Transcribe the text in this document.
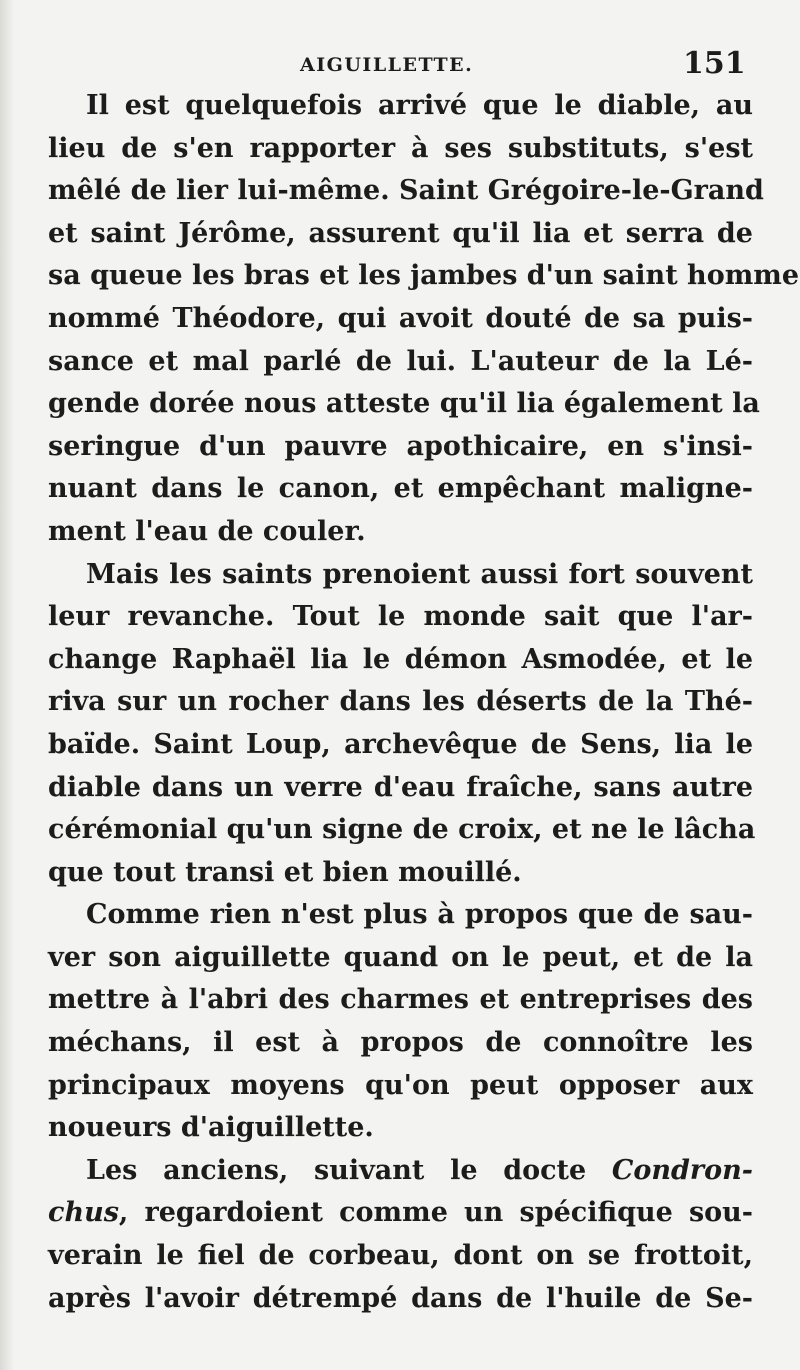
AIGUILLETTE.	151
Il est quelquefois arrivé que le diable, au
lieu de s'en rapporter à ses substituts, s'est
mêlé de lier lui-même. Saint Grégoire-le-Grand
et saint Jérôme, assurent qu'il lia et serra de
sa queue les bras et les jambes d'un saint homme
nommé Théodore, qui avoit douté de sa puis-
sance et mal parlé de lui. L'auteur de la Lé-
gende dorée nous atteste qu'il lia également la
seringue d'un pauvre apothicaire, en s'insi-
nuant dans le canon, et empêchant maligne-
ment l'eau de couler.
Mais les saints prenoient aussi fort souvent
leur revanche. Tout le monde sait que l'ar-
change Raphaël lia le démon Asmodée, et le
riva sur un rocher dans les déserts de la Thé-
baïde. Saint Loup, archevêque de Sens, lia le
diable dans un verre d'eau fraîche, sans autre
cérémonial qu'un signe de croix, et ne le lâcha
que tout transi et bien mouillé.
Comme rien n'est plus à propos que de sau-
ver son aiguillette quand on le peut, et de la
mettre à l'abri des charmes et entreprises des
méchans, il est à propos de connoître les
principaux moyens qu'on peut opposer aux
noueurs d'aiguillette.
Les anciens, suivant le docte Condron-
chus, regardoient comme un spécifique sou-
verain le fiel de corbeau, dont on se frottoit,
après l'avoir détrempé dans de l'huile de Se-
